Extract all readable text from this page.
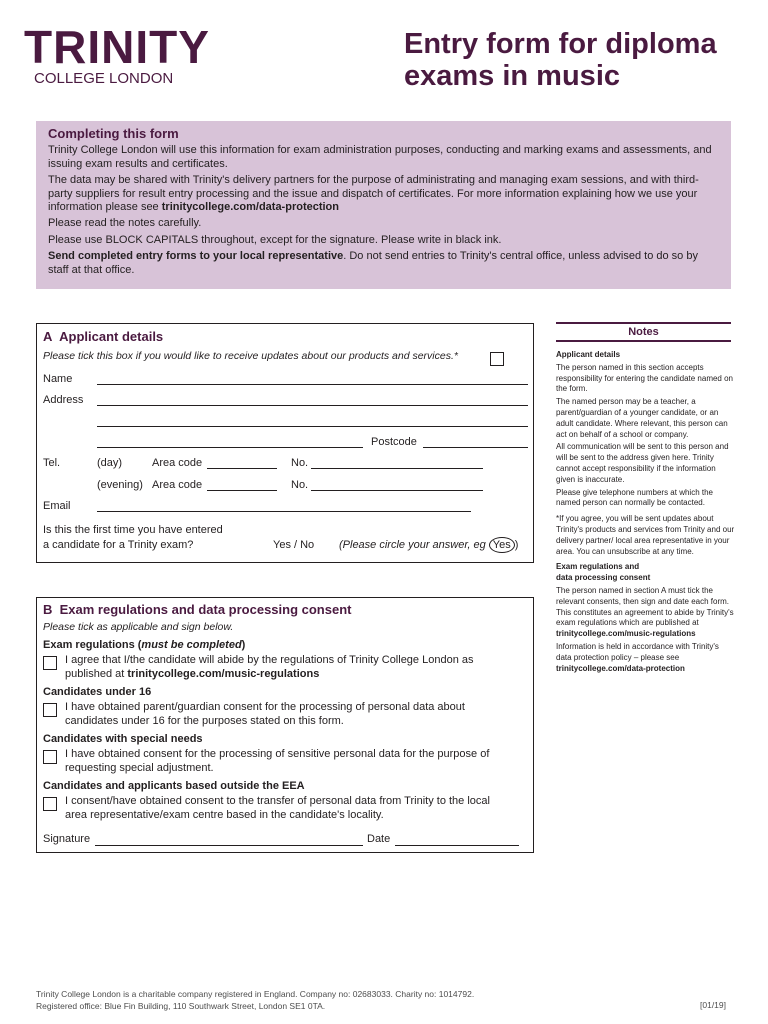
TRINITY
COLLEGE LONDON
Entry form for diploma exams in music
Completing this form

Trinity College London will use this information for exam administration purposes, conducting and marking exams and assessments, and issuing exam results and certificates.

The data may be shared with Trinity's delivery partners for the purpose of administrating and managing exam sessions, and with third-party suppliers for result entry processing and the issue and dispatch of certificates. For more information explaining how we use your information please see trinitycollege.com/data-protection

Please read the notes carefully.

Please use BLOCK CAPITALS throughout, except for the signature. Please write in black ink.

Send completed entry forms to your local representative. Do not send entries to Trinity's central office, unless advised to do so by staff at that office.

A Applicant details
Please tick this box if you would like to receive updates about our products and services.*
Name
Address
Postcode
Tel.	(day)	Area code	No.
(evening) Area code	No.
Email
Is this the first time you have entered
a candidate for a Trinity exam?	Yes / No (Please circle your answer, eg Yes )
B Exam regulations and data processing consent
Please tick as applicable and sign below.
Exam regulations (must be completed)
I agree that I/the candidate will abide by the regulations of Trinity College London as
published at trinitycollege.com/music-regulations
Candidates under 16
I have obtained parent/guardian consent for the processing of personal data about
candidates under 16 for the purposes stated on this form.
Candidates with special needs
I have obtained consent for the processing of sensitive personal data for the purpose of
requesting special adjustment.
Candidates and applicants based outside the EEA
I consent/have obtained consent to the transfer of personal data from Trinity to the local
area representative/exam centre based in the candidate's locality.
Signature	Date
Notes

Applicant details

The person named in this section accepts responsibility for entering the candidate named on the form.

The named person may be a teacher, a parent/guardian of a younger candidate, or an adult candidate. Where relevant, this person can act on behalf of a school or company.

All communication will be sent to this person and will be sent to the address given here. Trinity cannot accept responsibility if the information given is inaccurate.

Please give telephone numbers at which the named person can normally be contacted.

*If you agree, you will be sent updates about Trinity's products and services from Trinity and our delivery partner/ local area representative in your area. You can unsubscribe at any time.

Exam regulations and

data processing consent

The person named in section A must tick the relevant consents, then sign and date each form. This constitutes an agreement to abide by Trinity's exam regulations which are published at trinitycollege.com/music-regulations

Information is held in accordance with Trinity's data protection policy – please see trinitycollege.com/data-protection

Trinity College London is a charitable company registered in England. Company no: 02683033. Charity no: 1014792.
Registered office: Blue Fin Building, 110 Southwark Street, London SE1 0TA.	[01/19]
